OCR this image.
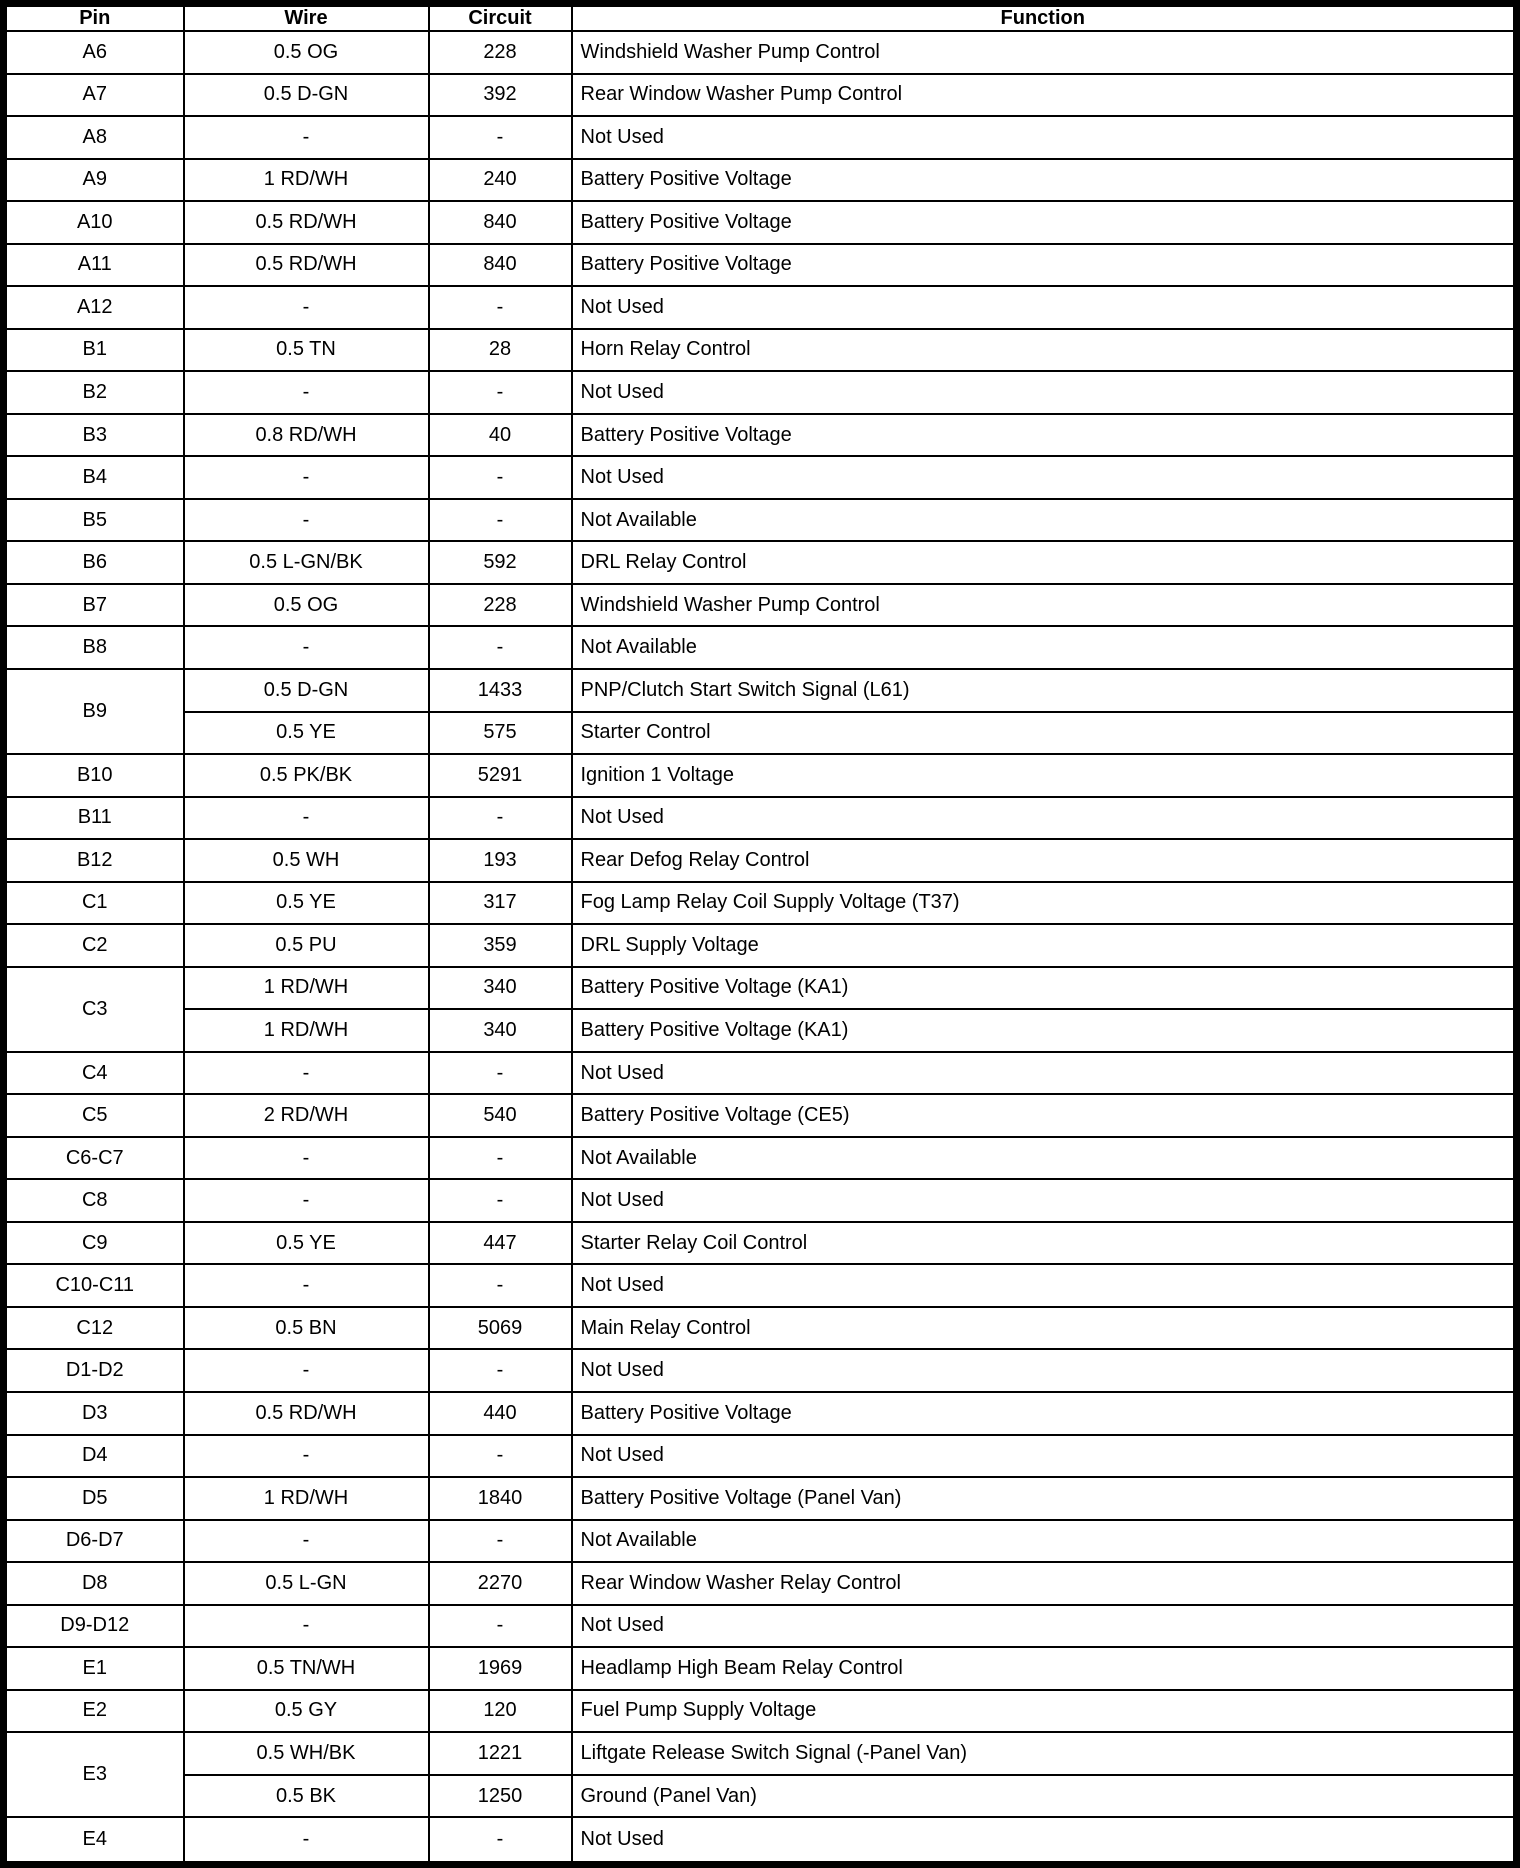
Pin	Wire	Circuit	Function
A6	0.5 OG	228	Windshield Washer Pump Control
A7	0.5 D-GN	392	Rear Window Washer Pump Control
A8	-	-	Not Used
A9	1 RD/WH	240	Battery Positive Voltage
A10	0.5 RD/WH	840	Battery Positive Voltage
A11	0.5 RD/WH	840	Battery Positive Voltage
A12	-	-	Not Used
B1	0.5 TN	28	Horn Relay Control
B2	-	-	Not Used
B3	0.8 RD/WH	40	Battery Positive Voltage
B4	-	-	Not Used
B5	-	-	Not Available
B6	0.5 L-GN/BK	592	DRL Relay Control
B7	0.5 OG	228	Windshield Washer Pump Control
B8	-	-	Not Available
B9	0.5 D-GN	1433	PNP/Clutch Start Switch Signal (L61)
	0.5 YE	575	Starter Control
B10	0.5 PK/BK	5291	Ignition 1 Voltage
B11	-	-	Not Used
B12	0.5 WH	193	Rear Defog Relay Control
C1	0.5 YE	317	Fog Lamp Relay Coil Supply Voltage (T37)
C2	0.5 PU	359	DRL Supply Voltage
C3	1 RD/WH	340	Battery Positive Voltage (KA1)
	1 RD/WH	340	Battery Positive Voltage (KA1)
C4	-	-	Not Used
C5	2 RD/WH	540	Battery Positive Voltage (CE5)
C6-C7	-	-	Not Available
C8	-	-	Not Used
C9	0.5 YE	447	Starter Relay Coil Control
C10-C11	-	-	Not Used
C12	0.5 BN	5069	Main Relay Control
D1-D2	-	-	Not Used
D3	0.5 RD/WH	440	Battery Positive Voltage
D4	-	-	Not Used
D5	1 RD/WH	1840	Battery Positive Voltage (Panel Van)
D6-D7	-	-	Not Available
D8	0.5 L-GN	2270	Rear Window Washer Relay Control
D9-D12	-	-	Not Used
E1	0.5 TN/WH	1969	Headlamp High Beam Relay Control
E2	0.5 GY	120	Fuel Pump Supply Voltage
E3	0.5 WH/BK	1221	Liftgate Release Switch Signal (-Panel Van)
	0.5 BK	1250	Ground (Panel Van)
E4	-	-	Not Used
